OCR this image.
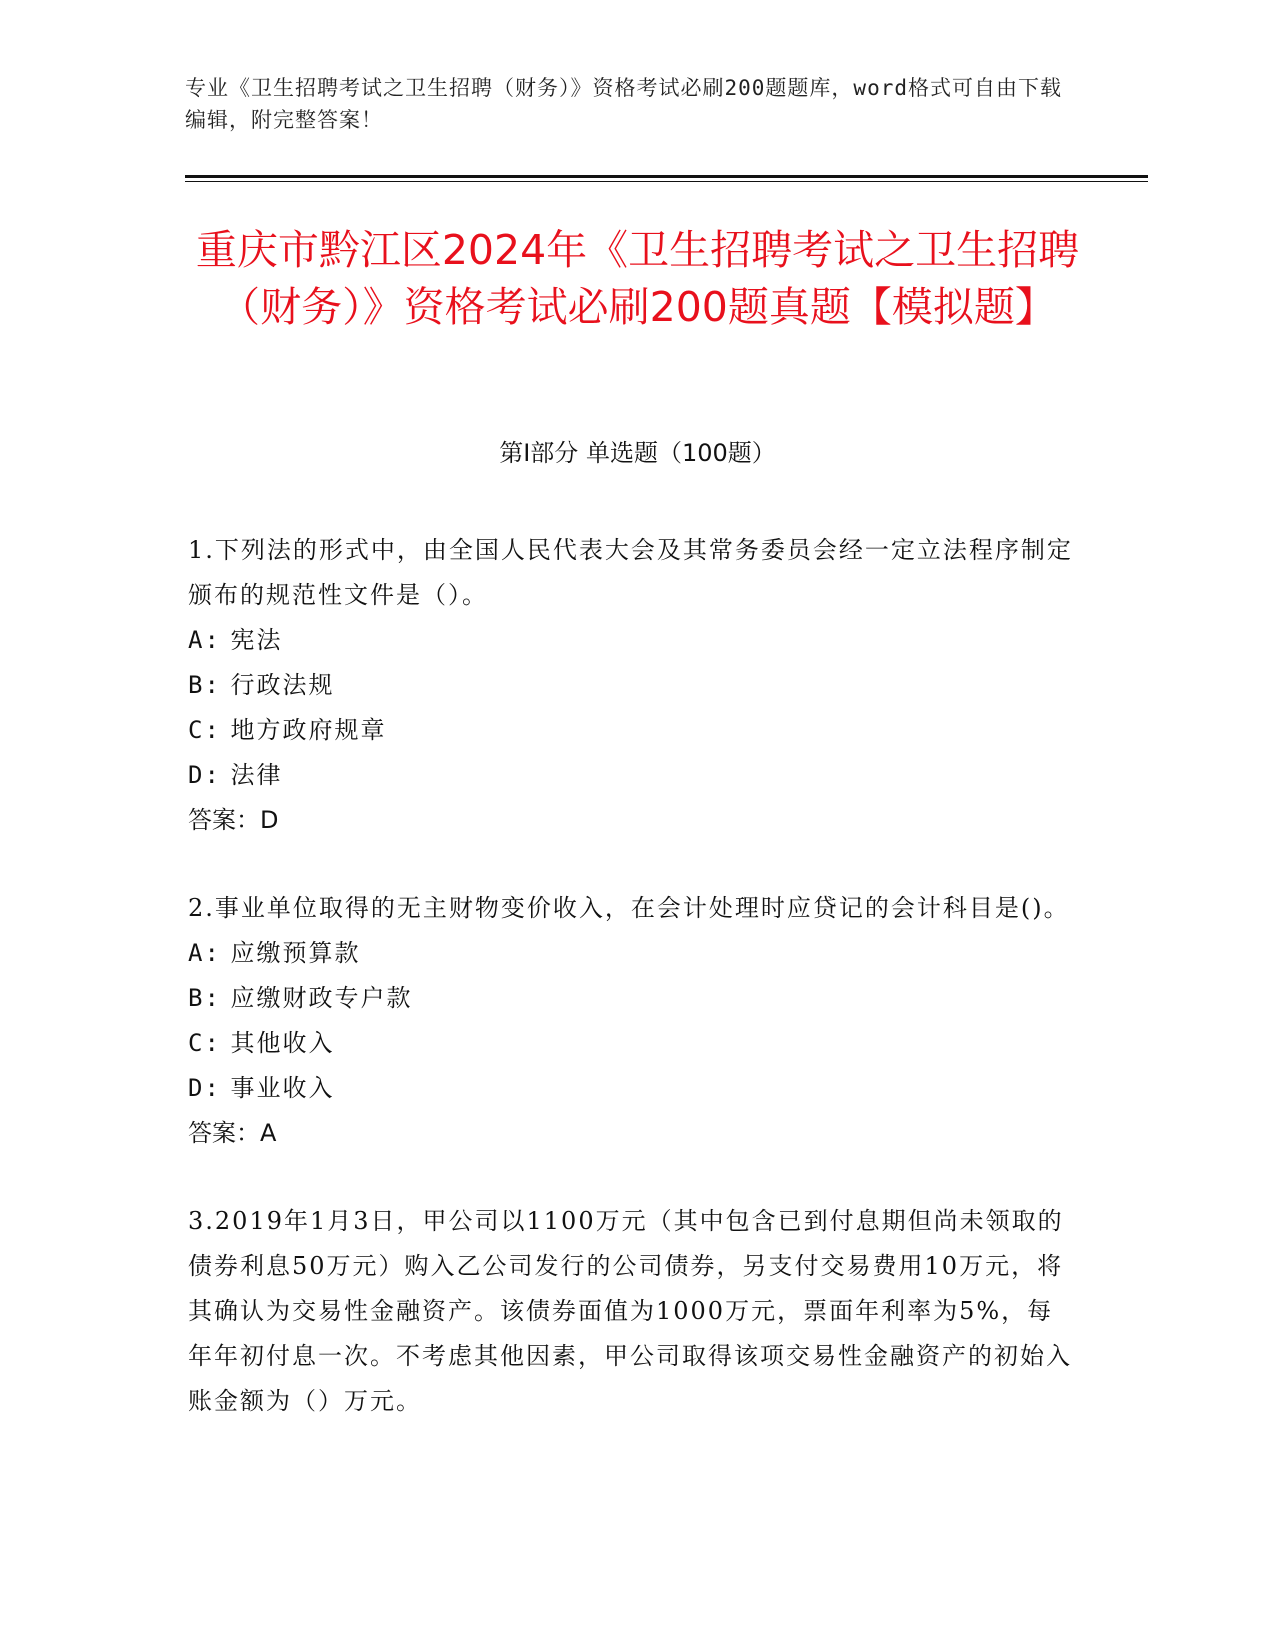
专业《卫生招聘考试之卫生招聘（财务）》资格考试必刷200题题库，word格式可自由下载编辑，附完整答案！
重庆市黔江区2024年《卫生招聘考试之卫生招聘（财务）》资格考试必刷200题真题【模拟题】
第I部分 单选题（100题）

1.下列法的形式中，由全国人民代表大会及其常务委员会经一定立法程序制定颁布的规范性文件是（）。

A: 宪法

B: 行政法规

C: 地方政府规章

D: 法律

答案：D

2.事业单位取得的无主财物变价收入，在会计处理时应贷记的会计科目是()。

A: 应缴预算款

B: 应缴财政专户款

C: 其他收入

D: 事业收入

答案：A

3.2019年1月3日，甲公司以1100万元（其中包含已到付息期但尚未领取的债券利息50万元）购入乙公司发行的公司债券，另支付交易费用10万元，将其确认为交易性金融资产。该债券面值为1000万元，票面年利率为5%，每年年初付息一次。不考虑其他因素，甲公司取得该项交易性金融资产的初始入账金额为（）万元。
